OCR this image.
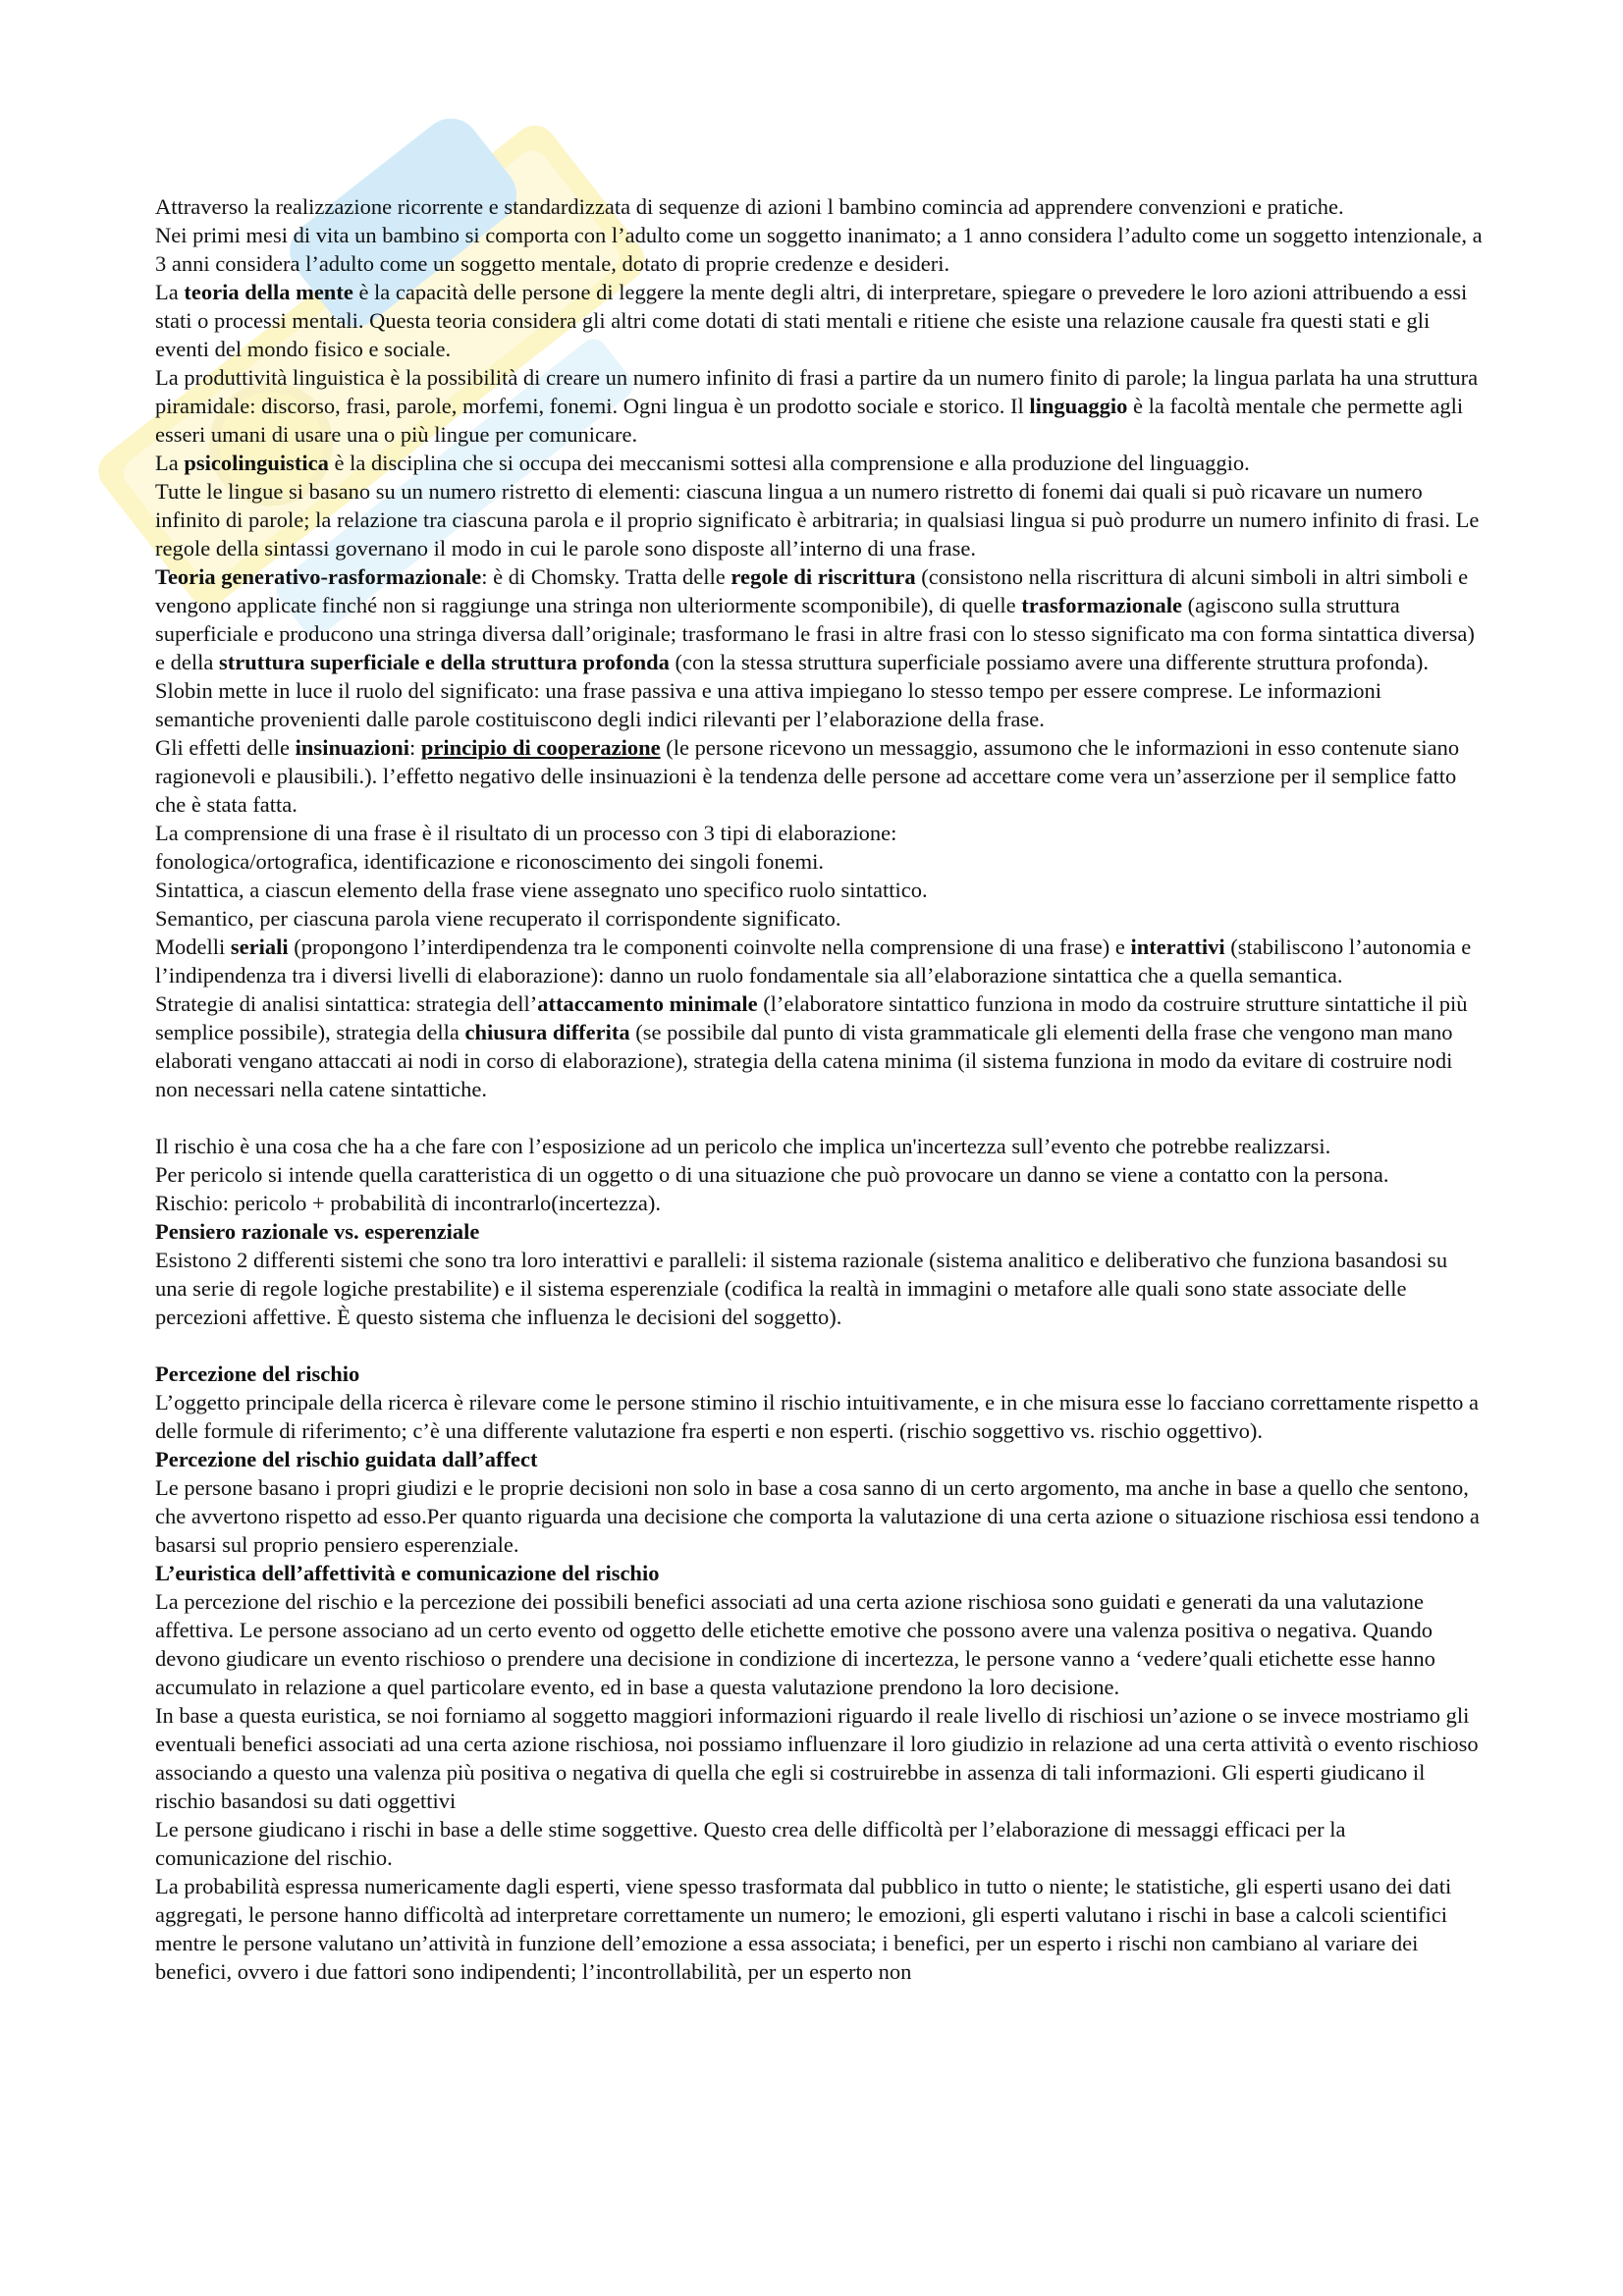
Attraverso la realizzazione ricorrente e standardizzata di sequenze di azioni l bambino comincia ad apprendere convenzioni e pratiche.

Nei primi mesi di vita un bambino si comporta con l’adulto come un soggetto inanimato; a 1 anno considera l’adulto come un soggetto intenzionale, a 3 anni considera l’adulto come un soggetto mentale, dotato di proprie credenze e desideri.

La teoria della mente è la capacità delle persone di leggere la mente degli altri, di interpretare, spiegare o prevedere le loro azioni attribuendo a essi stati o processi mentali. Questa teoria considera gli altri come dotati di stati mentali e ritiene che esiste una relazione causale fra questi stati e gli eventi del mondo fisico e sociale.

La produttività linguistica è la possibilità di creare un numero infinito di frasi a partire da un numero finito di parole; la lingua parlata ha una struttura piramidale: discorso, frasi, parole, morfemi, fonemi. Ogni lingua è un prodotto sociale e storico. Il linguaggio è la facoltà mentale che permette agli esseri umani di usare una o più lingue per comunicare.

La psicolinguistica è la disciplina che si occupa dei meccanismi sottesi alla comprensione e alla produzione del linguaggio.

Tutte le lingue si basano su un numero ristretto di elementi: ciascuna lingua a un numero ristretto di fonemi dai quali si può ricavare un numero infinito di parole; la relazione tra ciascuna parola e il proprio significato è arbitraria; in qualsiasi lingua si può produrre un numero infinito di frasi. Le regole della sintassi governano il modo in cui le parole sono disposte all’interno di una frase.

Teoria generativo-rasformazionale: è di Chomsky. Tratta delle regole di riscrittura (consistono nella riscrittura di alcuni simboli in altri simboli e vengono applicate finché non si raggiunge una stringa non ulteriormente scomponibile), di quelle trasformazionale (agiscono sulla struttura superficiale e producono una stringa diversa dall’originale; trasformano le frasi in altre frasi con lo stesso significato ma con forma sintattica diversa) e della struttura superficiale e della struttura profonda (con la stessa struttura superficiale possiamo avere una differente struttura profonda).

Slobin mette in luce il ruolo del significato: una frase passiva e una attiva impiegano lo stesso tempo per essere comprese. Le informazioni semantiche provenienti dalle parole costituiscono degli indici rilevanti per l’elaborazione della frase.

Gli effetti delle insinuazioni: principio di cooperazione (le persone ricevono un messaggio, assumono che le informazioni in esso contenute siano ragionevoli e plausibili.). l’effetto negativo delle insinuazioni è la tendenza delle persone ad accettare come vera un’asserzione per il semplice fatto che è stata fatta.

La comprensione di una frase è il risultato di un processo con 3 tipi di elaborazione:

fonologica/ortografica, identificazione e riconoscimento dei singoli fonemi.

Sintattica, a ciascun elemento della frase viene assegnato uno specifico ruolo sintattico.

Semantico, per ciascuna parola viene recuperato il corrispondente significato.

Modelli seriali (propongono l’interdipendenza tra le componenti coinvolte nella comprensione di una frase) e interattivi (stabiliscono l’autonomia e l’indipendenza tra i diversi livelli di elaborazione): danno un ruolo fondamentale sia all’elaborazione sintattica che a quella semantica.

Strategie di analisi sintattica: strategia dell’attaccamento minimale (l’elaboratore sintattico funziona in modo da costruire strutture sintattiche il più semplice possibile), strategia della chiusura differita (se possibile dal punto di vista grammaticale gli elementi della frase che vengono man mano elaborati vengano attaccati ai nodi in corso di elaborazione), strategia della catena minima (il sistema funziona in modo da evitare di costruire nodi non necessari nella catene sintattiche.

Il rischio è una cosa che ha a che fare con l’esposizione ad un pericolo che implica un'incertezza sull’evento che potrebbe realizzarsi.

Per pericolo si intende quella caratteristica di un oggetto o di una situazione che può provocare un danno se viene a contatto con la persona.

Rischio: pericolo + probabilità di incontrarlo(incertezza).

Pensiero razionale vs. esperenziale

Esistono 2 differenti sistemi che sono tra loro interattivi e paralleli: il sistema razionale (sistema analitico e deliberativo che funziona basandosi su una serie di regole logiche prestabilite) e il sistema esperenziale (codifica la realtà in immagini o metafore alle quali sono state associate delle percezioni affettive. È questo sistema che influenza le decisioni del soggetto).

Percezione del rischio

L’oggetto principale della ricerca è rilevare come le persone stimino il rischio intuitivamente, e in che misura esse lo facciano correttamente rispetto a delle formule di riferimento; c’è una differente valutazione fra esperti e non esperti. (rischio soggettivo vs. rischio oggettivo).

Percezione del rischio guidata dall’affect

Le persone basano i propri giudizi e le proprie decisioni non solo in base a cosa sanno di un certo argomento, ma anche in base a quello che sentono, che avvertono rispetto ad esso.Per quanto riguarda una decisione che comporta la valutazione di una certa azione o situazione rischiosa essi tendono a basarsi sul proprio pensiero esperenziale.

L’euristica dell’affettività e comunicazione del rischio

La percezione del rischio e la percezione dei possibili benefici associati ad una certa azione rischiosa sono guidati e generati da una valutazione affettiva. Le persone associano ad un certo evento od oggetto delle etichette emotive che possono avere una valenza positiva o negativa. Quando devono giudicare un evento rischioso o prendere una decisione in condizione di incertezza, le persone vanno a ‘vedere’quali etichette esse hanno accumulato in relazione a quel particolare evento, ed in base a questa valutazione prendono la loro decisione.

In base a questa euristica, se noi forniamo al soggetto maggiori informazioni riguardo il reale livello di rischiosi un’azione o se invece mostriamo gli eventuali benefici associati ad una certa azione rischiosa, noi possiamo influenzare il loro giudizio in relazione ad una certa attività o evento rischioso associando a questo una valenza più positiva o negativa di quella che egli si costruirebbe in assenza di tali informazioni. Gli esperti giudicano il rischio basandosi su dati oggettivi

Le persone giudicano i rischi in base a delle stime soggettive. Questo crea delle difficoltà per l’elaborazione di messaggi efficaci per la comunicazione del rischio.

La probabilità espressa numericamente dagli esperti, viene spesso trasformata dal pubblico in tutto o niente; le statistiche, gli esperti usano dei dati aggregati, le persone hanno difficoltà ad interpretare correttamente un numero; le emozioni, gli esperti valutano i rischi in base a calcoli scientifici mentre le persone valutano un’attività in funzione dell’emozione a essa associata; i benefici, per un esperto i rischi non cambiano al variare dei benefici, ovvero i due fattori sono indipendenti; l’incontrollabilità, per un esperto non
